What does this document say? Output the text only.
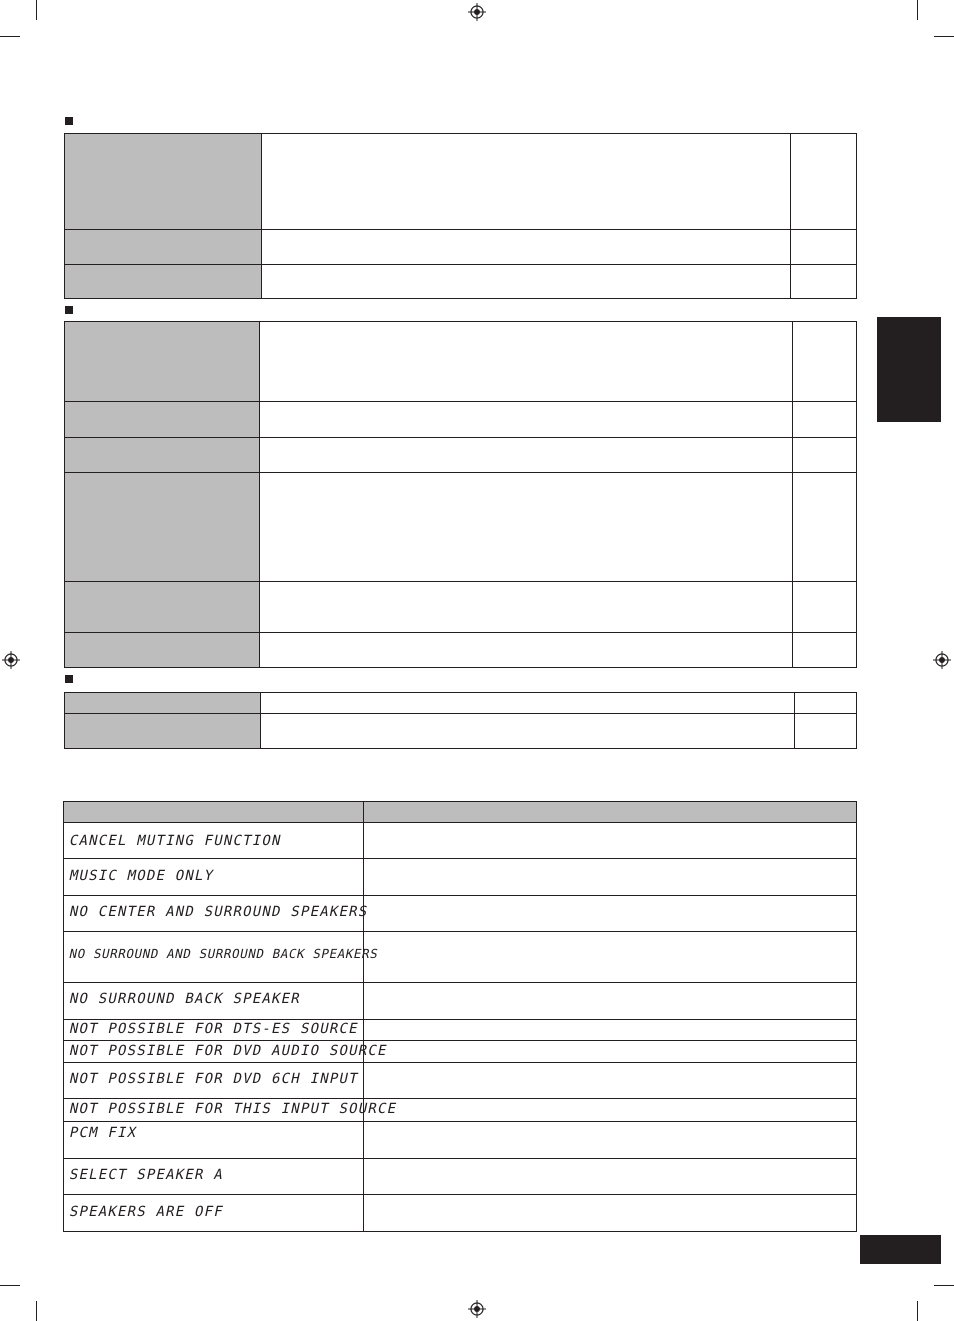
CANCEL MUTING FUNCTION
MUSIC MODE ONLY
NO CENTER AND SURROUND SPEAKERS
NO SURROUND AND SURROUND BACK SPEAKERS
NO SURROUND BACK SPEAKER
NOT POSSIBLE FOR DTS-ES SOURCE
NOT POSSIBLE FOR DVD AUDIO SOURCE
NOT POSSIBLE FOR DVD 6CH INPUT
NOT POSSIBLE FOR THIS INPUT SOURCE
PCM FIX
SELECT SPEAKER A
SPEAKERS ARE OFF
